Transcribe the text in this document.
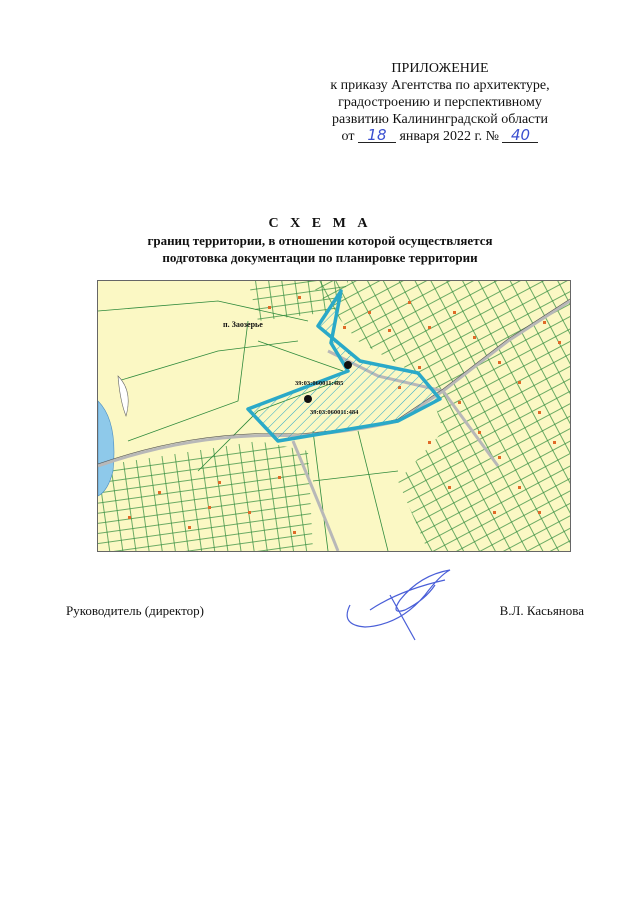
ПРИЛОЖЕНИЕ
к приказу Агентства по архитектуре,
градостроению и перспективному
развитию Калининградской области
от 18 января 2022 г. № 40
С Х Е М А
границ территории, в отношении которой осуществляется
подготовка документации по планировке территории
п. Заозерье
39:03:060011:485
39:03:060011:484
Руководитель (директор)	В.Л. Касьянова
